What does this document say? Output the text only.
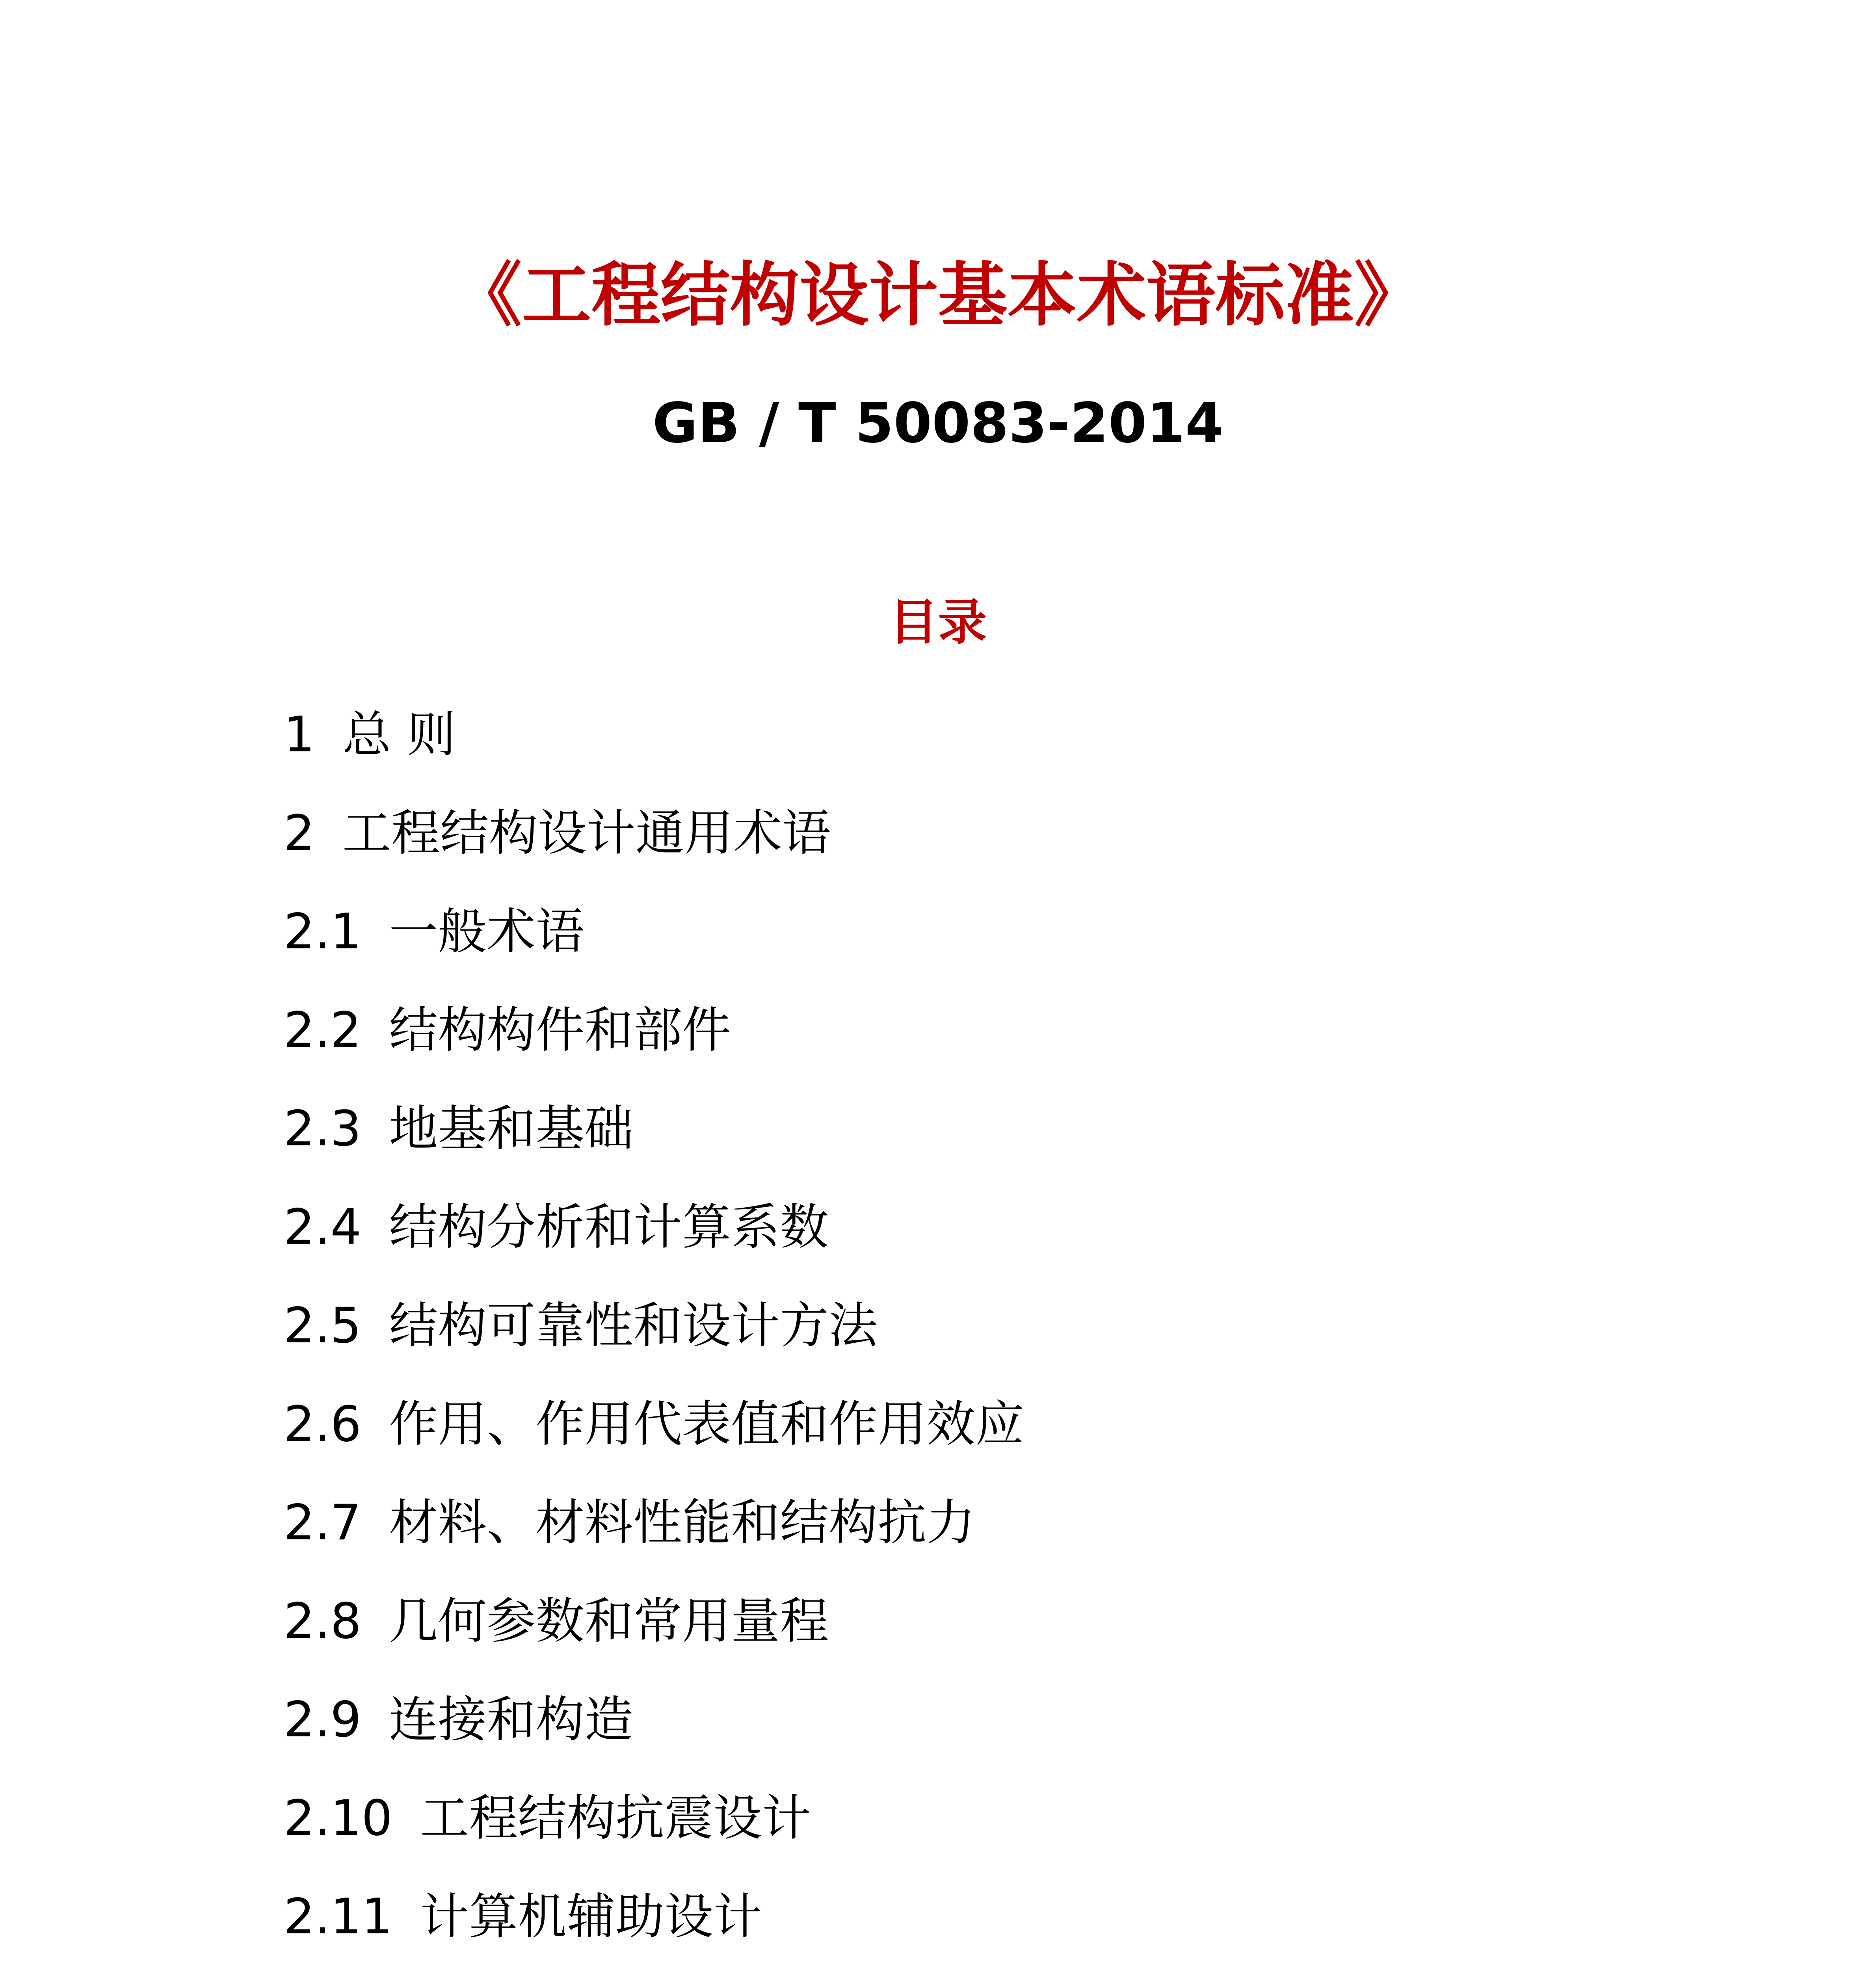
《工程结构设计基本术语标准》
GB / T 50083-2014
目录
1 总 则
2 工程结构设计通用术语
2.1 一般术语
2.2 结构构件和部件
2.3 地基和基础
2.4 结构分析和计算系数
2.5 结构可靠性和设计方法
2.6 作用、作用代表值和作用效应
2.7 材料、材料性能和结构抗力
2.8 几何参数和常用量程
2.9 连接和构造
2.10 工程结构抗震设计
2.11 计算机辅助设计
